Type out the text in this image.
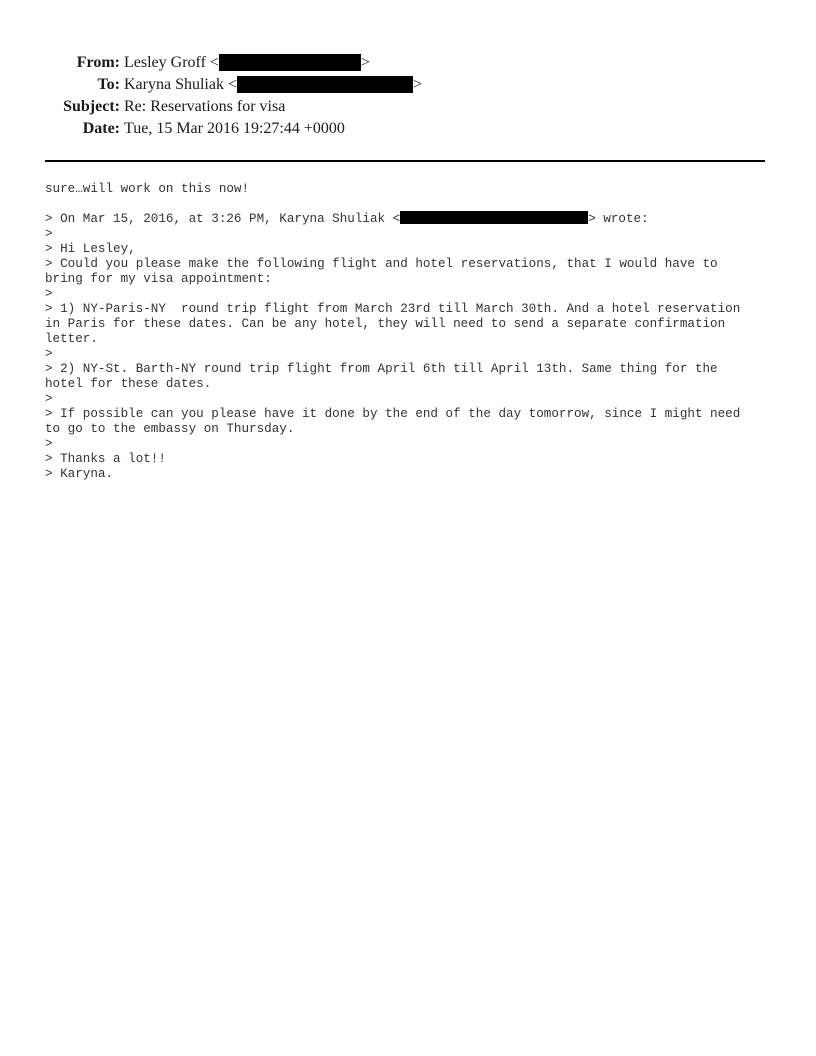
From: Lesley Groff <	>
To: Karyna Shuliak <	>
Subject: Re: Reservations for visa
Date: Tue, 15 Mar 2016 19:27:44 +0000
sure…will work on this now!
> On Mar 15, 2016, at 3:26 PM, Karyna Shuliak <	> wrote:
>
> Hi Lesley,
> Could you please make the following flight and hotel reservations, that I would have to
bring for my visa appointment:
>
> 1) NY-Paris-NY  round trip flight from March 23rd till March 30th. And a hotel reservation
in Paris for these dates. Can be any hotel, they will need to send a separate confirmation
letter.
>
> 2) NY-St. Barth-NY round trip flight from April 6th till April 13th. Same thing for the
hotel for these dates.
>
> If possible can you please have it done by the end of the day tomorrow, since I might need
to go to the embassy on Thursday.
>
> Thanks a lot!!
> Karyna.
